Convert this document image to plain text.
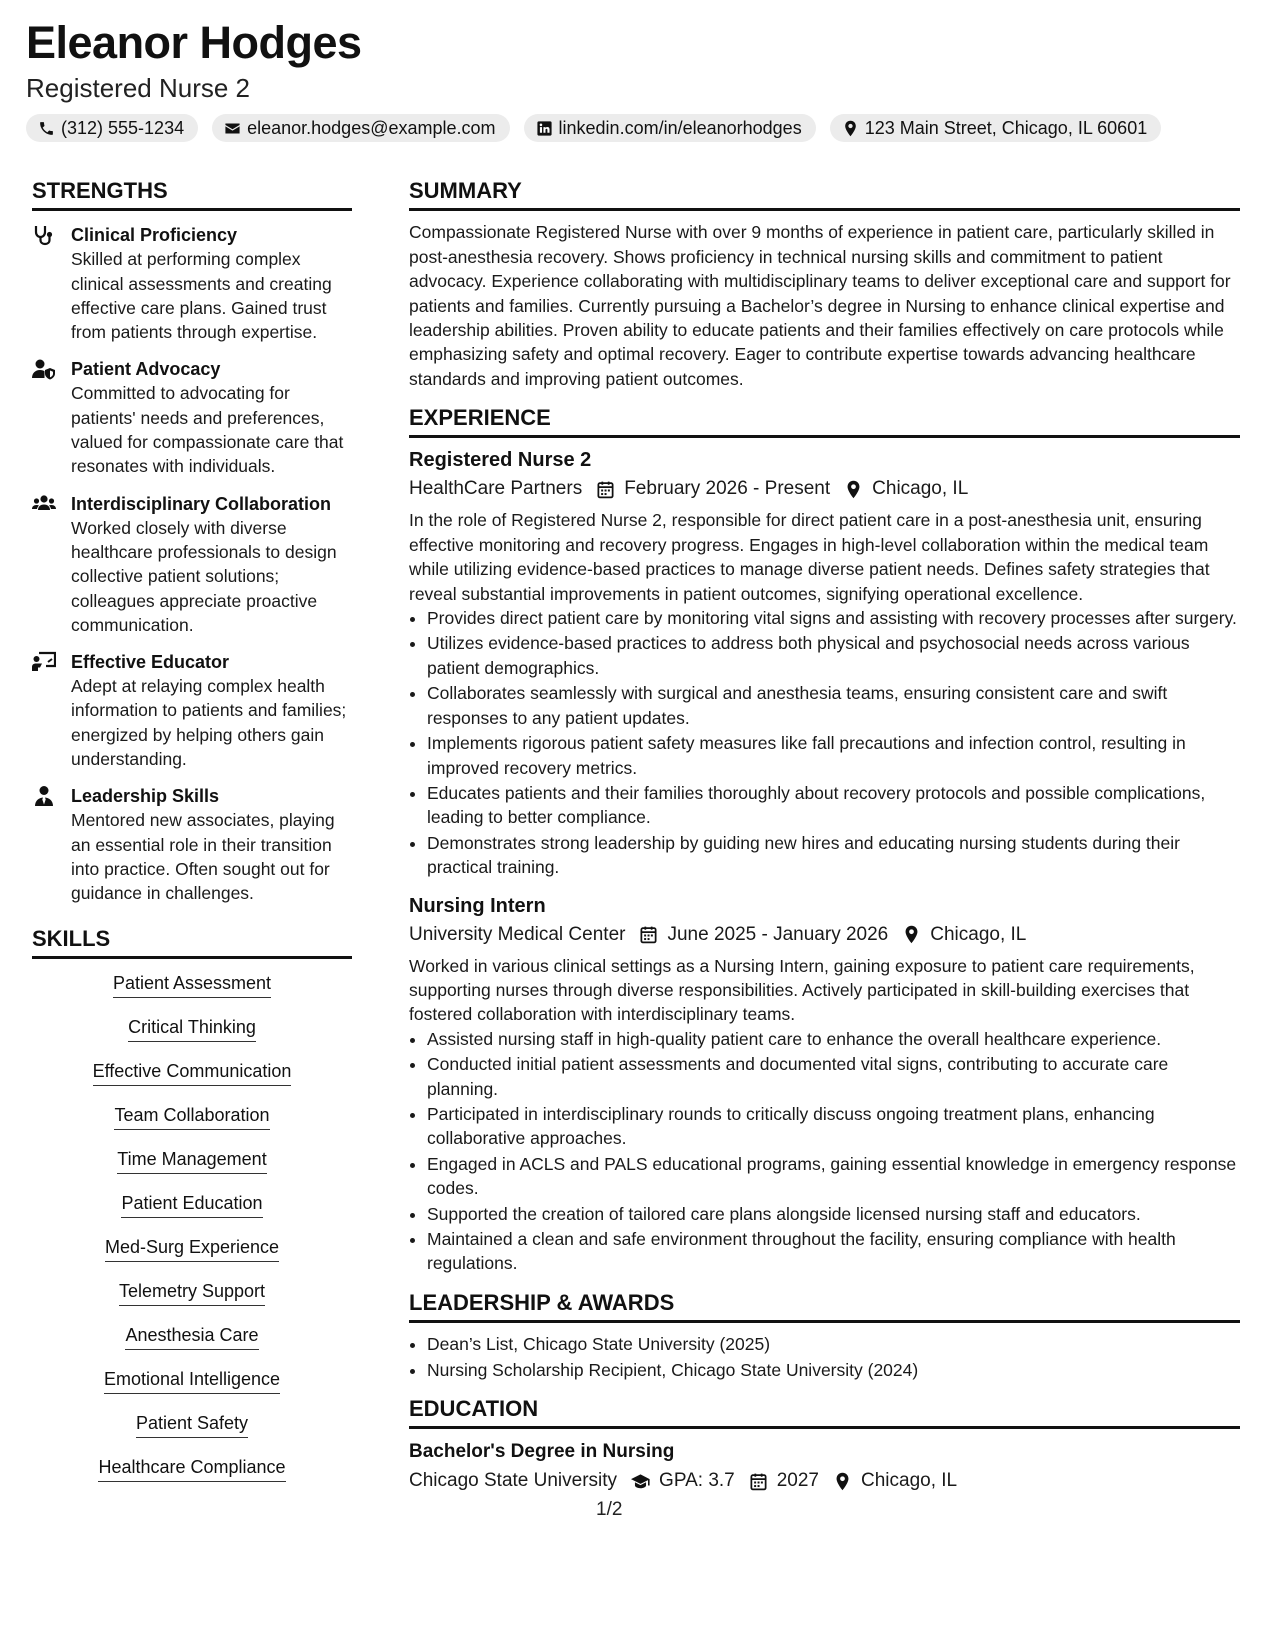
Eleanor Hodges
Registered Nurse 2
(312) 555-1234	eleanor.hodges@example.com	linkedin.com/in/eleanorhodges	123 Main Street, Chicago, IL 60601
STRENGTHS
Clinical Proficiency
Skilled at performing complex clinical assessments and creating effective care plans. Gained trust from patients through expertise.
Patient Advocacy
Committed to advocating for patients' needs and preferences, valued for compassionate care that resonates with individuals.
Interdisciplinary Collaboration
Worked closely with diverse healthcare professionals to design collective patient solutions; colleagues appreciate proactive communication.
Effective Educator
Adept at relaying complex health information to patients and families; energized by helping others gain understanding.
Leadership Skills
Mentored new associates, playing an essential role in their transition into practice. Often sought out for guidance in challenges.
SKILLS
Patient Assessment
Critical Thinking
Effective Communication
Team Collaboration
Time Management
Patient Education
Med-Surg Experience
Telemetry Support
Anesthesia Care
Emotional Intelligence
Patient Safety
Healthcare Compliance
SUMMARY
Compassionate Registered Nurse with over 9 months of experience in patient care, particularly skilled in post-anesthesia recovery. Shows proficiency in technical nursing skills and commitment to patient advocacy. Experience collaborating with multidisciplinary teams to deliver exceptional care and support for patients and families. Currently pursuing a Bachelor’s degree in Nursing to enhance clinical expertise and leadership abilities. Proven ability to educate patients and their families effectively on care protocols while emphasizing safety and optimal recovery. Eager to contribute expertise towards advancing healthcare standards and improving patient outcomes.
EXPERIENCE
Registered Nurse 2
HealthCare Partners February 2026 - Present Chicago, IL
In the role of Registered Nurse 2, responsible for direct patient care in a post-anesthesia unit, ensuring effective monitoring and recovery progress. Engages in high-level collaboration within the medical team while utilizing evidence-based practices to manage diverse patient needs. Defines safety strategies that reveal substantial improvements in patient outcomes, signifying operational excellence.
• Provides direct patient care by monitoring vital signs and assisting with recovery processes after surgery.
• Utilizes evidence-based practices to address both physical and psychosocial needs across various patient demographics.
• Collaborates seamlessly with surgical and anesthesia teams, ensuring consistent care and swift responses to any patient updates.
• Implements rigorous patient safety measures like fall precautions and infection control, resulting in improved recovery metrics.
• Educates patients and their families thoroughly about recovery protocols and possible complications, leading to better compliance.
• Demonstrates strong leadership by guiding new hires and educating nursing students during their practical training.
Nursing Intern
University Medical Center June 2025 - January 2026 Chicago, IL
Worked in various clinical settings as a Nursing Intern, gaining exposure to patient care requirements, supporting nurses through diverse responsibilities. Actively participated in skill-building exercises that fostered collaboration with interdisciplinary teams.
• Assisted nursing staff in high-quality patient care to enhance the overall healthcare experience.
• Conducted initial patient assessments and documented vital signs, contributing to accurate care planning.
• Participated in interdisciplinary rounds to critically discuss ongoing treatment plans, enhancing collaborative approaches.
• Engaged in ACLS and PALS educational programs, gaining essential knowledge in emergency response codes.
• Supported the creation of tailored care plans alongside licensed nursing staff and educators.
• Maintained a clean and safe environment throughout the facility, ensuring compliance with health regulations.
LEADERSHIP & AWARDS
• Dean’s List, Chicago State University (2025)
• Nursing Scholarship Recipient, Chicago State University (2024)
EDUCATION
Bachelor's Degree in Nursing
Chicago State University GPA: 3.7 2027 Chicago, IL
1/2
